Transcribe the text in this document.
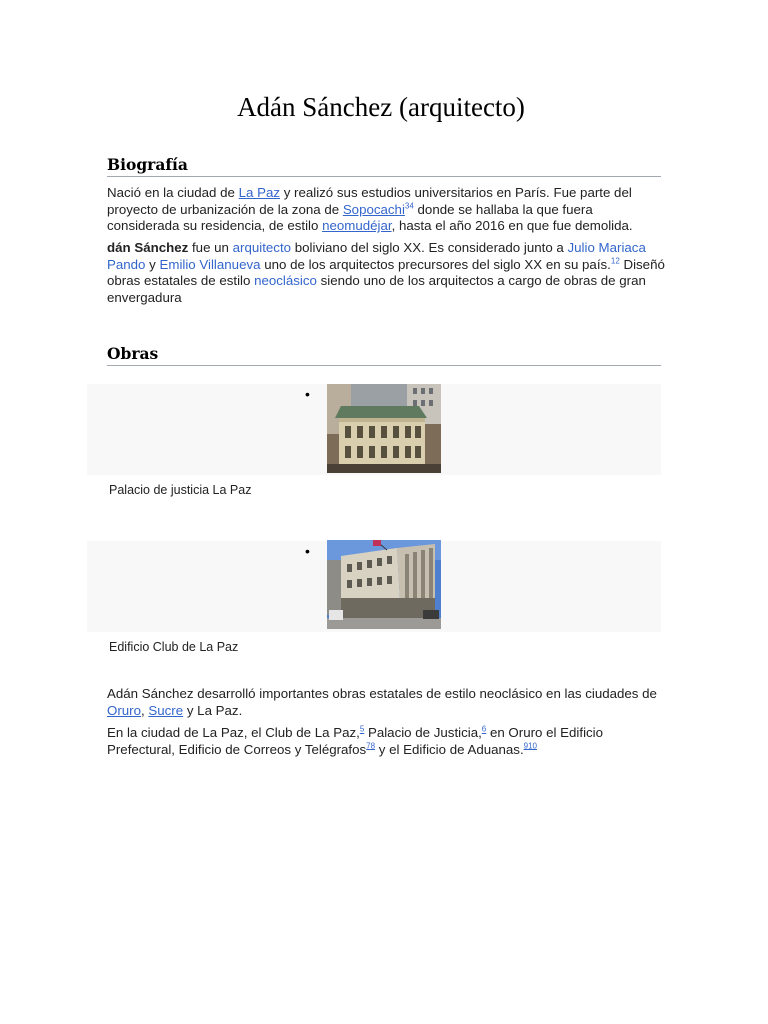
Adán Sánchez (arquitecto)
Biografía

Nació en la ciudad de La Paz y realizó sus estudios universitarios en París. Fue parte del proyecto de urbanización de la zona de Sopocachi$^{34}$ donde se hallaba la que fuera considerada su residencia, de estilo neomudéjar, hasta el año 2016 en que fue demolida.

dán Sánchez fue un arquitecto boliviano del siglo XX. Es considerado junto a Julio Mariaca Pando y Emilio Villanueva uno de los arquitectos precursores del siglo XX en su país.$^{12}$ Diseñó obras estatales de estilo neoclásico siendo uno de los arquitectos a cargo de obras de gran envergadura

Obras
•
Palacio de justicia La Paz
•
Edificio Club de La Paz

Adán Sánchez desarrolló importantes obras estatales de estilo neoclásico en las ciudades de Oruro, Sucre y La Paz.

En la ciudad de La Paz, el Club de La Paz,$^5$ Palacio de Justicia,$^6$ en Oruro el Edificio Prefectural, Edificio de Correos y Telégrafos$^{78}$ y el Edificio de Aduanas.$^{910}$
